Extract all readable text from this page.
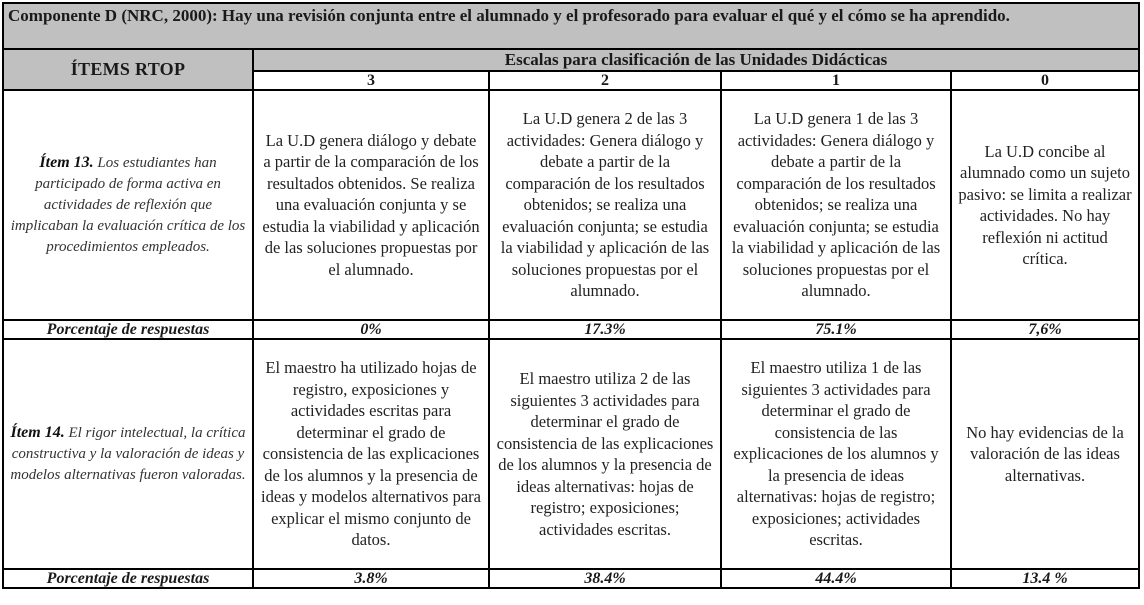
Componente D (NRC, 2000): Hay una revisión conjunta entre el alumnado y el profesorado para evaluar el qué y el cómo se ha aprendido.				
ÍTEMS RTOP	Escalas para clasificación de las Unidades Didácticas			
	3	2	1	0
Ítem 13. Los estudiantes han participado de forma activa en actividades de reflexión que implicaban la evaluación crítica de los procedimientos empleados.	La U.D genera diálogo y debate a partir de la comparación de los resultados obtenidos. Se realiza una evaluación conjunta y se estudia la viabilidad y aplicación de las soluciones propuestas por el alumnado.	La U.D genera 2 de las 3 actividades: Genera diálogo y debate a partir de la comparación de los resultados obtenidos; se realiza una evaluación conjunta; se estudia la viabilidad y aplicación de las soluciones propuestas por el alumnado.	La U.D genera 1 de las 3 actividades: Genera diálogo y debate a partir de la comparación de los resultados obtenidos; se realiza una evaluación conjunta; se estudia la viabilidad y aplicación de las soluciones propuestas por el alumnado.	La U.D concibe al alumnado como un sujeto pasivo: se limita a realizar actividades. No hay reflexión ni actitud crítica.
Porcentaje de respuestas	0%	17.3%	75.1%	7,6%
Ítem 14. El rigor intelectual, la crítica constructiva y la valoración de ideas y modelos alternativas fueron valoradas.	El maestro ha utilizado hojas de registro, exposiciones y actividades escritas para determinar el grado de consistencia de las explicaciones de los alumnos y la presencia de ideas y modelos alternativos para explicar el mismo conjunto de datos.	El maestro utiliza 2 de las siguientes 3 actividades para determinar el grado de consistencia de las explicaciones de los alumnos y la presencia de ideas alternativas: hojas de registro; exposiciones; actividades escritas.	El maestro utiliza 1 de las siguientes 3 actividades para determinar el grado de consistencia de las explicaciones de los alumnos y la presencia de ideas alternativas: hojas de registro; exposiciones; actividades escritas.	No hay evidencias de la valoración de las ideas alternativas.
Porcentaje de respuestas	3.8%	38.4%	44.4%	13.4 %
